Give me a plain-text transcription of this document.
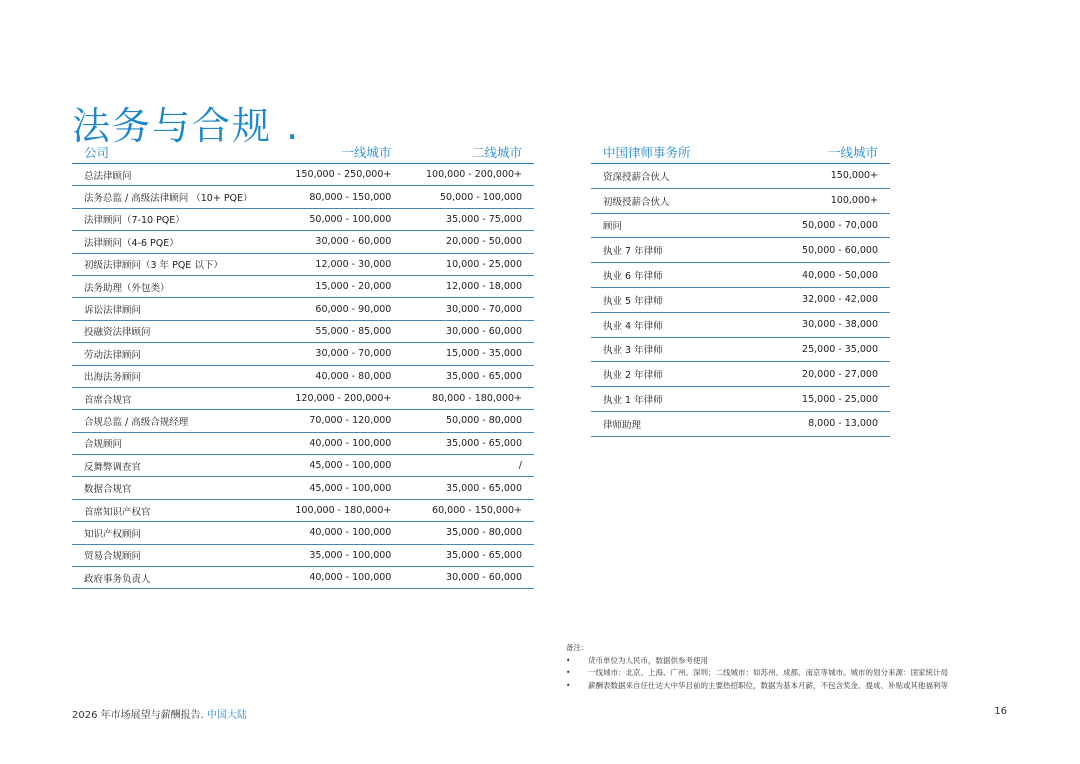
法务与合规 .
公司	一线城市	二线城市
总法律顾问	150,000 - 250,000+	100,000 - 200,000+
法务总监 / 高级法律顾问 （10+ PQE）	80,000 - 150,000	50,000 - 100,000
法律顾问（7-10 PQE）	50,000 - 100,000	35,000 - 75,000
法律顾问（4-6 PQE）	30,000 - 60,000	20,000 - 50,000
初级法律顾问（3 年 PQE 以下）	12,000 - 30,000	10,000 - 25,000
法务助理（外包类）	15,000 - 20,000	12,000 - 18,000
诉讼法律顾问	60,000 - 90,000	30,000 - 70,000
投融资法律顾问	55,000 - 85,000	30,000 - 60,000
劳动法律顾问	30,000 - 70,000	15,000 - 35,000
出海法务顾问	40,000 - 80,000	35,000 - 65,000
首席合规官	120,000 - 200,000+	80,000 - 180,000+
合规总监 / 高级合规经理	70,000 - 120,000	50,000 - 80,000
合规顾问	40,000 - 100,000	35,000 - 65,000
反舞弊调查官	45,000 - 100,000	/
数据合规官	45,000 - 100,000	35,000 - 65,000
首席知识产权官	100,000 - 180,000+	60,000 - 150,000+
知识产权顾问	40,000 - 100,000	35,000 - 80,000
贸易合规顾问	35,000 - 100,000	35,000 - 65,000
政府事务负责人	40,000 - 100,000	30,000 - 60,000
中国律师事务所	一线城市
资深授薪合伙人	150,000+
初级授薪合伙人	100,000+
顾问	50,000 - 70,000
执业 7 年律师	50,000 - 60,000
执业 6 年律师	40,000 - 50,000
执业 5 年律师	32,000 - 42,000
执业 4 年律师	30,000 - 38,000
执业 3 年律师	25,000 - 35,000
执业 2 年律师	20,000 - 27,000
执业 1 年律师	15,000 - 25,000
律师助理	8,000 - 13,000
备注：
• 货币单位为人民币，数据供参考使用
• 一线城市：北京、上海、广州、深圳；二线城市：如苏州、成都、南京等城市。城市的划分来源：国家统计局
• 薪酬表数据来自任仕达大中华目前的主要热招职位，数据为基本月薪，不包含奖金、提成、补贴或其他福利等
2026 年市场展望与薪酬报告. 中国大陆	16
